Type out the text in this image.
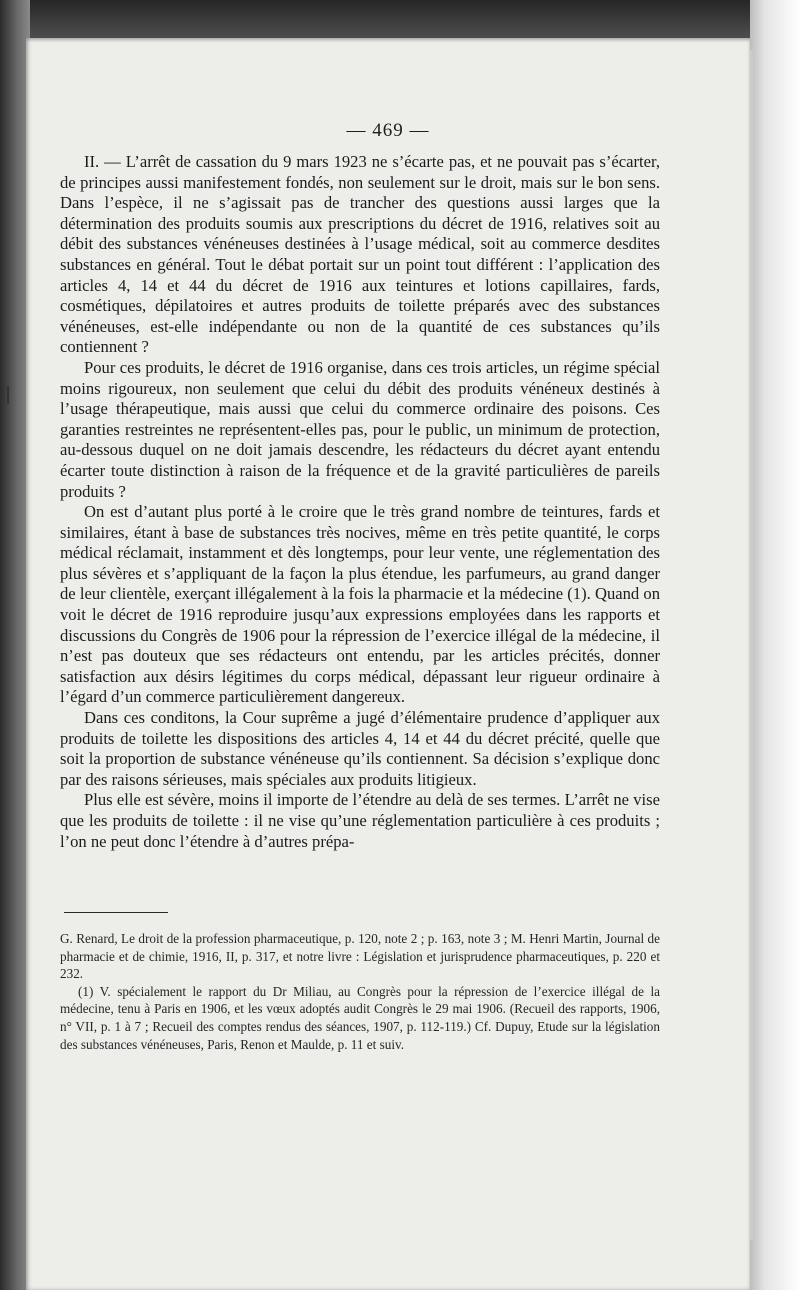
— 469 —

II. — L’arrêt de cassation du 9 mars 1923 ne s’écarte pas, et ne pouvait pas s’écarter, de principes aussi manifestement fondés, non seulement sur le droit, mais sur le bon sens. Dans l’espèce, il ne s’agissait pas de trancher des questions aussi larges que la détermination des produits soumis aux prescriptions du décret de 1916, relatives soit au débit des substances vénéneuses destinées à l’usage médical, soit au commerce desdites substances en général. Tout le débat portait sur un point tout différent : l’application des articles 4, 14 et 44 du décret de 1916 aux teintures et lotions capillaires, fards, cosmétiques, dépilatoires et autres produits de toilette préparés avec des substances vénéneuses, est-elle indépendante ou non de la quantité de ces substances qu’ils contiennent ?

Pour ces produits, le décret de 1916 organise, dans ces trois articles, un régime spécial moins rigoureux, non seulement que celui du débit des produits vénéneux destinés à l’usage thérapeutique, mais aussi que celui du commerce ordinaire des poisons. Ces garanties restreintes ne représentent-elles pas, pour le public, un minimum de protection, au-dessous duquel on ne doit jamais descendre, les rédacteurs du décret ayant entendu écarter toute distinction à raison de la fréquence et de la gravité particulières de pareils produits ?

On est d’autant plus porté à le croire que le très grand nombre de teintures, fards et similaires, étant à base de substances très nocives, même en très petite quantité, le corps médical réclamait, instamment et dès longtemps, pour leur vente, une réglementation des plus sévères et s’appliquant de la façon la plus étendue, les parfumeurs, au grand danger de leur clientèle, exerçant illégalement à la fois la pharmacie et la médecine (1). Quand on voit le décret de 1916 reproduire jusqu’aux expressions employées dans les rapports et discussions du Congrès de 1906 pour la répression de l’exercice illégal de la médecine, il n’est pas douteux que ses rédacteurs ont entendu, par les articles précités, donner satisfaction aux désirs légitimes du corps médical, dépassant leur rigueur ordinaire à l’égard d’un commerce particulièrement dangereux.

Dans ces conditons, la Cour suprême a jugé d’élémentaire prudence d’appliquer aux produits de toilette les dispositions des articles 4, 14 et 44 du décret précité, quelle que soit la proportion de substance vénéneuse qu’ils contiennent. Sa décision s’explique donc par des raisons sérieuses, mais spéciales aux produits litigieux.

Plus elle est sévère, moins il importe de l’étendre au delà de ses termes. L’arrêt ne vise que les produits de toilette : il ne vise qu’une réglementation particulière à ces produits ; l’on ne peut donc l’étendre à d’autres prépa-

G. Renard, Le droit de la profession pharmaceutique, p. 120, note 2 ; p. 163, note 3 ; M. Henri Martin, Journal de pharmacie et de chimie, 1916, II, p. 317, et notre livre : Législation et jurisprudence pharmaceutiques, p. 220 et 232.

(1) V. spécialement le rapport du Dr Miliau, au Congrès pour la répression de l’exercice illégal de la médecine, tenu à Paris en 1906, et les vœux adoptés audit Congrès le 29 mai 1906. (Recueil des rapports, 1906, n° VII, p. 1 à 7 ; Recueil des comptes rendus des séances, 1907, p. 112-119.) Cf. Dupuy, Etude sur la législation des substances vénéneuses, Paris, Renon et Maulde, p. 11 et suiv.
